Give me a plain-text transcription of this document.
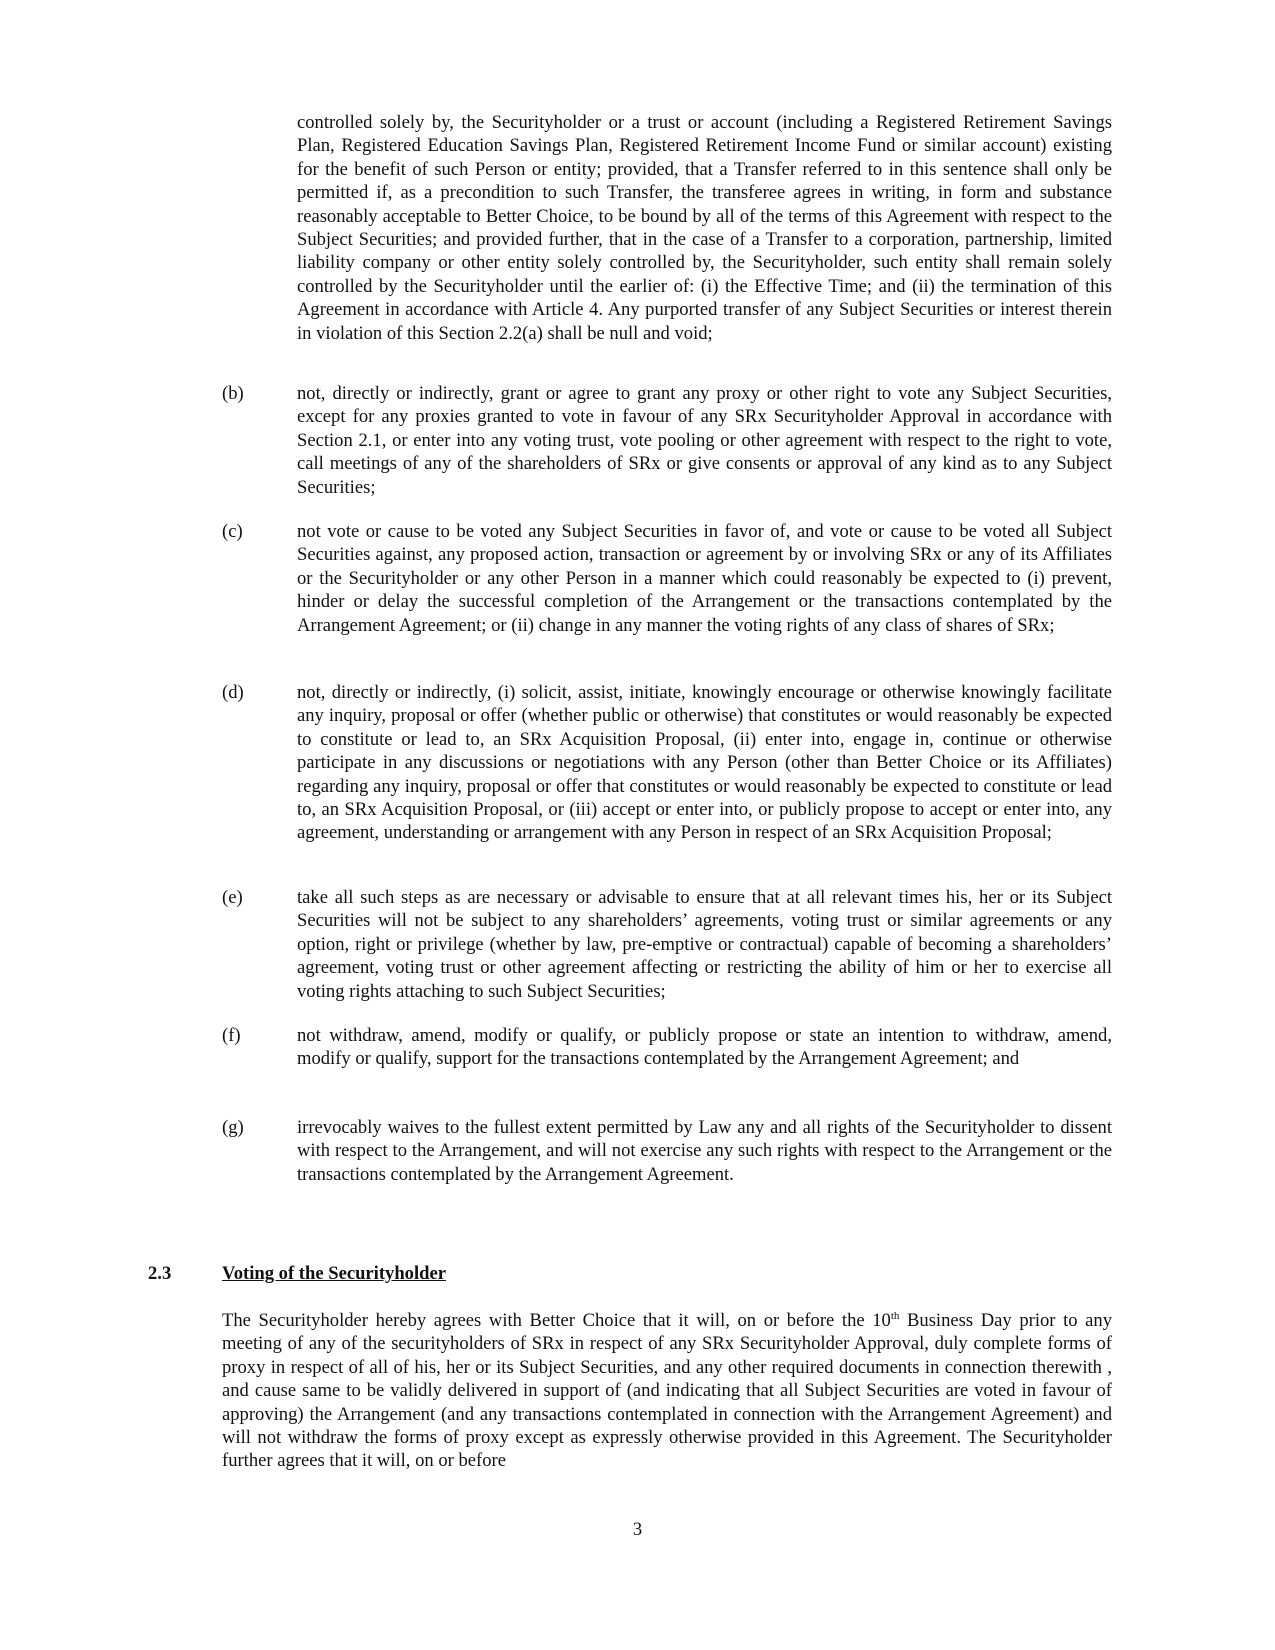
controlled solely by, the Securityholder or a trust or account (including a Registered Retirement Savings Plan, Registered Education Savings Plan, Registered Retirement Income Fund or similar account) existing for the benefit of such Person or entity; provided, that a Transfer referred to in this sentence shall only be permitted if, as a precondition to such Transfer, the transferee agrees in writing, in form and substance reasonably acceptable to Better Choice, to be bound by all of the terms of this Agreement with respect to the Subject Securities; and provided further, that in the case of a Transfer to a corporation, partnership, limited liability company or other entity solely controlled by, the Securityholder, such entity shall remain solely controlled by the Securityholder until the earlier of: (i) the Effective Time; and (ii) the termination of this Agreement in accordance with Article 4. Any purported transfer of any Subject Securities or interest therein in violation of this Section 2.2(a) shall be null and void;

(b)	not, directly or indirectly, grant or agree to grant any proxy or other right to vote any Subject Securities, except for any proxies granted to vote in favour of any SRx Securityholder Approval in accordance with Section 2.1, or enter into any voting trust, vote pooling or other agreement with respect to the right to vote, call meetings of any of the shareholders of SRx or give consents or approval of any kind as to any Subject Securities;

(c)	not vote or cause to be voted any Subject Securities in favor of, and vote or cause to be voted all Subject Securities against, any proposed action, transaction or agreement by or involving SRx or any of its Affiliates or the Securityholder or any other Person in a manner which could reasonably be expected to (i) prevent, hinder or delay the successful completion of the Arrangement or the transactions contemplated by the Arrangement Agreement; or (ii) change in any manner the voting rights of any class of shares of SRx;

(d)	not, directly or indirectly, (i) solicit, assist, initiate, knowingly encourage or otherwise knowingly facilitate any inquiry, proposal or offer (whether public or otherwise) that constitutes or would reasonably be expected to constitute or lead to, an SRx Acquisition Proposal, (ii) enter into, engage in, continue or otherwise participate in any discussions or negotiations with any Person (other than Better Choice or its Affiliates) regarding any inquiry, proposal or offer that constitutes or would reasonably be expected to constitute or lead to, an SRx Acquisition Proposal, or (iii) accept or enter into, or publicly propose to accept or enter into, any agreement, understanding or arrangement with any Person in respect of an SRx Acquisition Proposal;

(e)	take all such steps as are necessary or advisable to ensure that at all relevant times his, her or its Subject Securities will not be subject to any shareholders’ agreements, voting trust or similar agreements or any option, right or privilege (whether by law, pre-emptive or contractual) capable of becoming a shareholders’ agreement, voting trust or other agreement affecting or restricting the ability of him or her to exercise all voting rights attaching to such Subject Securities;

(f)	not withdraw, amend, modify or qualify, or publicly propose or state an intention to withdraw, amend, modify or qualify, support for the transactions contemplated by the Arrangement Agreement; and

(g)	irrevocably waives to the fullest extent permitted by Law any and all rights of the Securityholder to dissent with respect to the Arrangement, and will not exercise any such rights with respect to the Arrangement or the transactions contemplated by the Arrangement Agreement.

2.3	Voting of the Securityholder

The Securityholder hereby agrees with Better Choice that it will, on or before the 10th Business Day prior to any meeting of any of the securityholders of SRx in respect of any SRx Securityholder Approval, duly complete forms of proxy in respect of all of his, her or its Subject Securities, and any other required documents in connection therewith , and cause same to be validly delivered in support of (and indicating that all Subject Securities are voted in favour of approving) the Arrangement (and any transactions contemplated in connection with the Arrangement Agreement) and will not withdraw the forms of proxy except as expressly otherwise provided in this Agreement. The Securityholder further agrees that it will, on or before

3
